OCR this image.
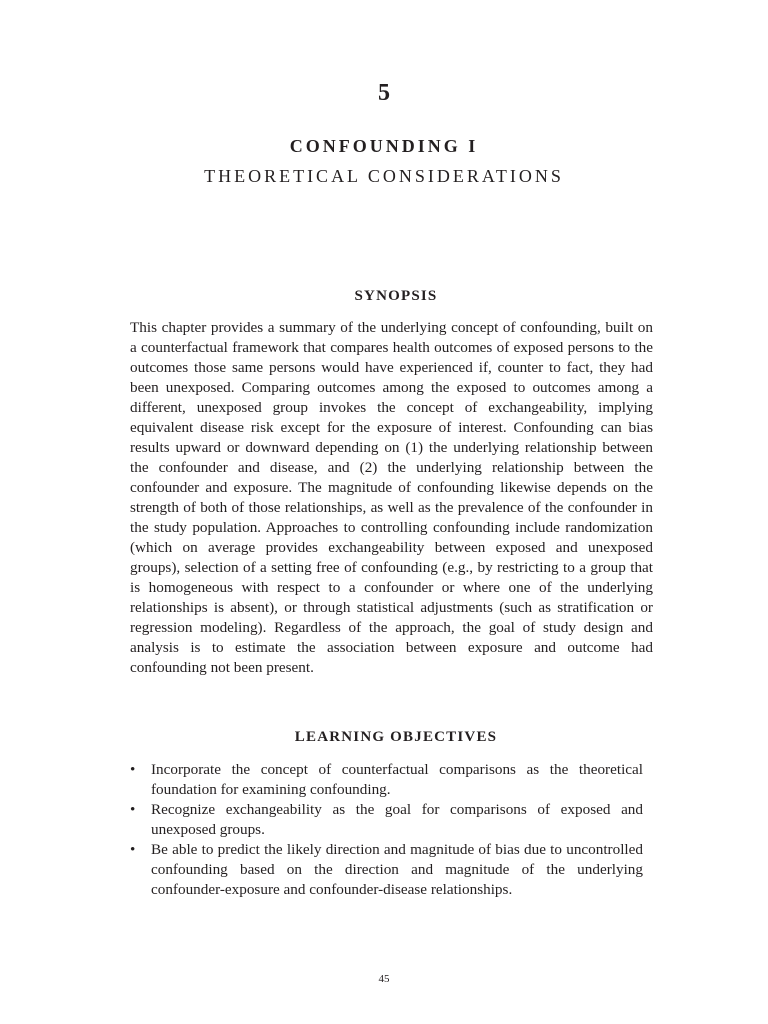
5
CONFOUNDING I
THEORETICAL CONSIDERATIONS
SYNOPSIS

This chapter provides a summary of the underlying concept of confounding, built on a counterfactual framework that compares health outcomes of exposed persons to the outcomes those same persons would have experienced if, counter to fact, they had been unexposed. Comparing outcomes among the exposed to outcomes among a different, unexposed group invokes the concept of exchangeability, implying equivalent disease risk except for the exposure of interest. Confounding can bias results upward or downward depending on (1) the underlying relationship between the confounder and disease, and (2) the underlying relationship between the confounder and exposure. The magnitude of confounding likewise depends on the strength of both of those relationships, as well as the prevalence of the confounder in the study population. Approaches to controlling confounding include randomization (which on average provides exchangeability between exposed and unexposed groups), selection of a setting free of confounding (e.g., by restricting to a group that is homogeneous with respect to a confounder or where one of the underlying relationships is absent), or through statistical adjustments (such as stratification or regression modeling). Regardless of the approach, the goal of study design and analysis is to estimate the association between exposure and outcome had confounding not been present.

LEARNING OBJECTIVES
• Incorporate the concept of counterfactual comparisons as the theoretical foundation for examining confounding.
• Recognize exchangeability as the goal for comparisons of exposed and unexposed groups.
• Be able to predict the likely direction and magnitude of bias due to uncontrolled confounding based on the direction and magnitude of the underlying confounder-exposure and confounder-disease relationships.
45
